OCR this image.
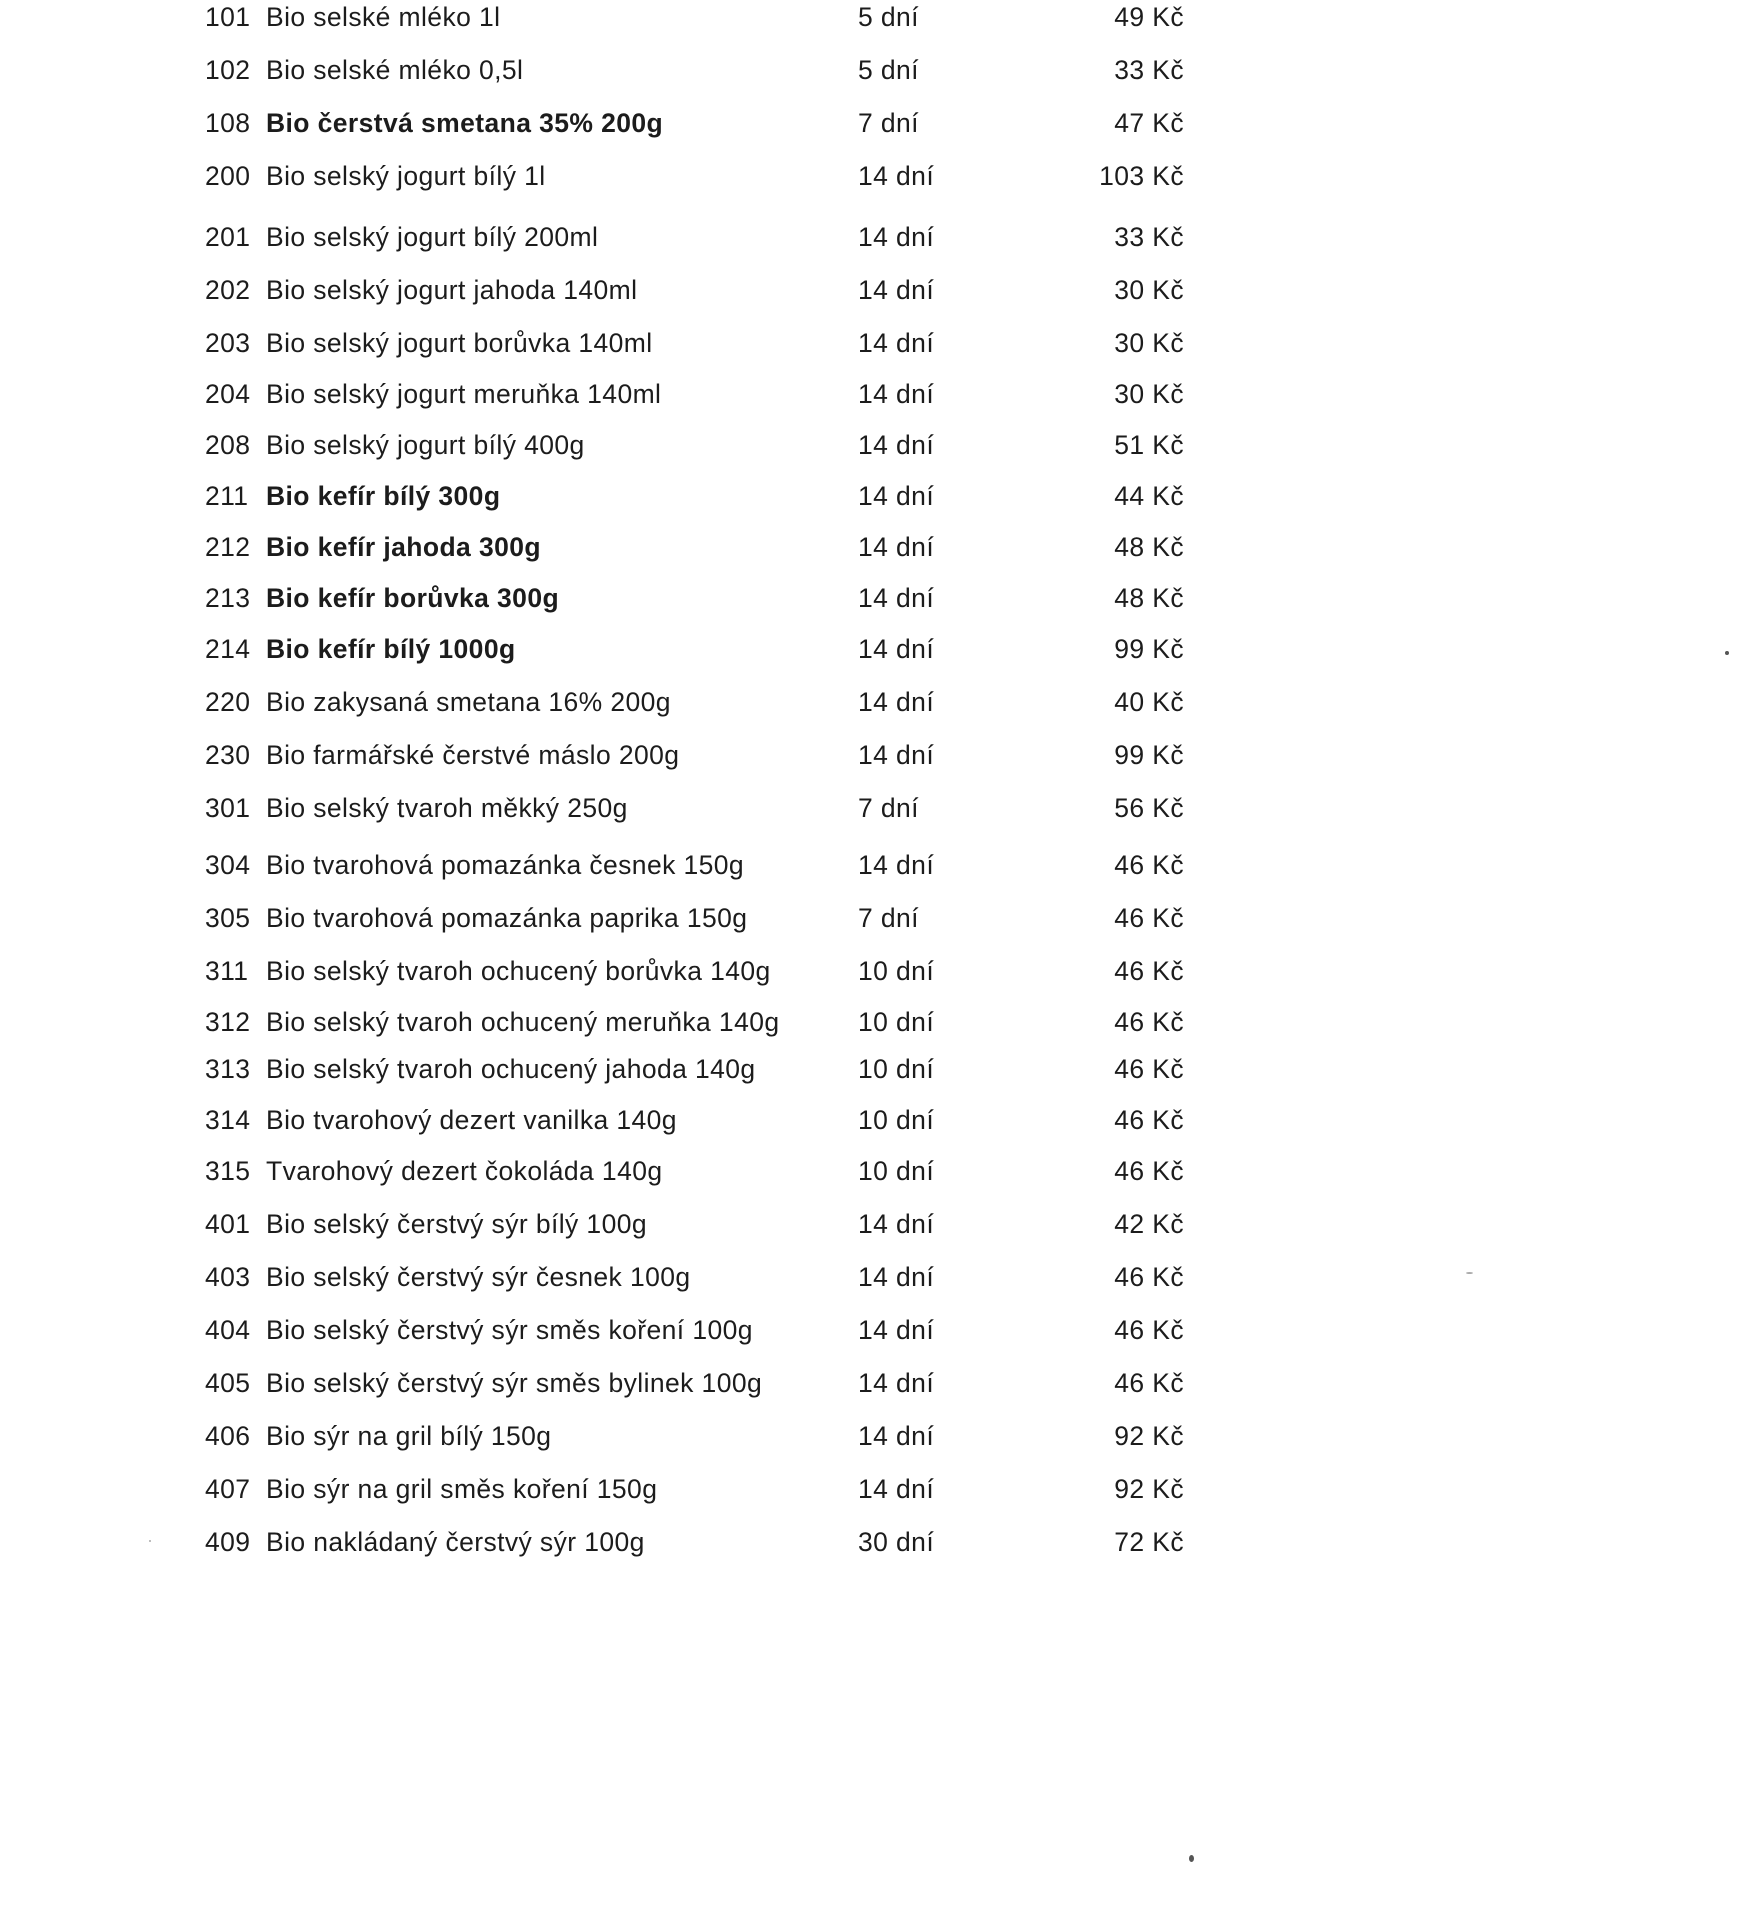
101 Bio selské mléko 1l	5 dní	49 Kč
102 Bio selské mléko 0,5l	5 dní	33 Kč
108 Bio čerstvá smetana 35% 200g	7 dní	47 Kč
200 Bio selský jogurt bílý 1l	14 dní	103 Kč
201 Bio selský jogurt bílý 200ml	14 dní	33 Kč
202 Bio selský jogurt jahoda 140ml	14 dní	30 Kč
203 Bio selský jogurt borůvka 140ml	14 dní	30 Kč
204 Bio selský jogurt meruňka 140ml	14 dní	30 Kč
208 Bio selský jogurt bílý 400g	14 dní	51 Kč
211 Bio kefír bílý 300g	14 dní	44 Kč
212 Bio kefír jahoda 300g	14 dní	48 Kč
213 Bio kefír borůvka 300g	14 dní	48 Kč
214 Bio kefír bílý 1000g	14 dní	99 Kč
220 Bio zakysaná smetana 16% 200g	14 dní	40 Kč
230 Bio farmářské čerstvé máslo 200g	14 dní	99 Kč
301 Bio selský tvaroh měkký 250g	7 dní	56 Kč
304 Bio tvarohová pomazánka česnek 150g	14 dní	46 Kč
305 Bio tvarohová pomazánka paprika 150g	7 dní	46 Kč
311 Bio selský tvaroh ochucený borůvka 140g	10 dní	46 Kč
312 Bio selský tvaroh ochucený meruňka 140g	10 dní	46 Kč
313 Bio selský tvaroh ochucený jahoda 140g	10 dní	46 Kč
314 Bio tvarohový dezert vanilka 140g	10 dní	46 Kč
315 Tvarohový dezert čokoláda 140g	10 dní	46 Kč
401 Bio selský čerstvý sýr bílý 100g	14 dní	42 Kč
403 Bio selský čerstvý sýr česnek 100g	14 dní	46 Kč
404 Bio selský čerstvý sýr směs koření 100g	14 dní	46 Kč
405 Bio selský čerstvý sýr směs bylinek 100g	14 dní	46 Kč
406 Bio sýr na gril bílý 150g	14 dní	92 Kč
407 Bio sýr na gril směs koření 150g	14 dní	92 Kč
409 Bio nakládaný čerstvý sýr 100g	30 dní	72 Kč
